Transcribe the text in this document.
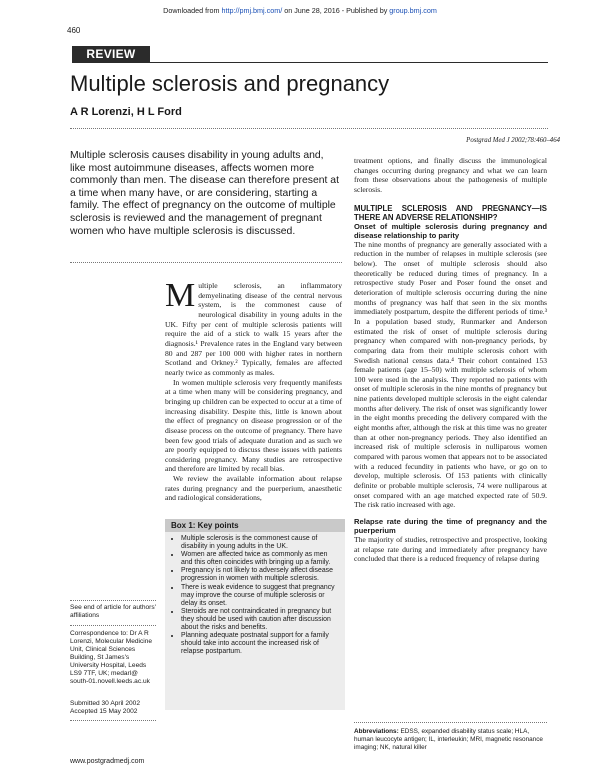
Downloaded from http://pmj.bmj.com/ on June 28, 2016 - Published by group.bmj.com
460
REVIEW
Multiple sclerosis and pregnancy
A R Lorenzi, H L Ford
Postgrad Med J 2002;78:460–464
Multiple sclerosis causes disability in young adults and, like most autoimmune diseases, affects women more commonly than men. The disease can therefore present at a time when many have, or are considering, starting a family. The effect of pregnancy on the outcome of multiple sclerosis is reviewed and the management of pregnant women who have multiple sclerosis is discussed.

Multiple sclerosis, an inflammatory demyelinating disease of the central nervous system, is the commonest cause of neurological disability in young adults in the UK. Fifty per cent of multiple sclerosis patients will require the aid of a stick to walk 15 years after the diagnosis.¹ Prevalence rates in the England vary between 80 and 287 per 100 000 with higher rates in northern Scotland and Orkney.² Typically, females are affected nearly twice as commonly as males.

In women multiple sclerosis very frequently manifests at a time when many will be considering pregnancy, and bringing up children can be expected to occur at a time of increasing disability. Despite this, little is known about the effect of pregnancy on disease progression or of the disease process on the outcome of pregnancy. There have been few good trials of adequate duration and as such we are poorly equipped to discuss these issues with patients considering pregnancy. Many studies are retrospective and therefore are limited by recall bias.

We review the available information about relapse rates during pregnancy and the puerperium, anaesthetic and radiological considerations,

Box 1: Key points
• Multiple sclerosis is the commonest cause of disability in young adults in the UK.
• Women are affected twice as commonly as men and this often coincides with bringing up a family.
• Pregnancy is not likely to adversely affect disease progression in women with multiple sclerosis.
• There is weak evidence to suggest that pregnancy may improve the course of multiple sclerosis or delay its onset.
• Steroids are not contraindicated in pregnancy but they should be used with caution after discussion about the risks and benefits.
• Planning adequate postnatal support for a family should take into account the increased risk of relapse postpartum.
See end of article for authors' affiliations
Correspondence to: Dr A R Lorenzi, Molecular Medicine Unit, Clinical Sciences Building, St James's University Hospital, Leeds LS9 7TF, UK; medarl@ south-01.novell.leeds.ac.uk
Submitted 30 April 2002
Accepted 15 May 2002

treatment options, and finally discuss the immunological changes occurring during pregnancy and what we can learn from these observations about the pathogenesis of multiple sclerosis.

MULTIPLE SCLEROSIS AND PREGNANCY—IS THERE AN ADVERSE RELATIONSHIP?
Onset of multiple sclerosis during pregnancy and disease relationship to parity

The nine months of pregnancy are generally associated with a reduction in the number of relapses in multiple sclerosis (see below). The onset of multiple sclerosis should also theoretically be reduced during times of pregnancy. In a retrospective study Poser and Poser found the onset and deterioration of multiple sclerosis occurring during the nine months of pregnancy was half that seen in the six months immediately postpartum, despite the different periods of time.³ In a population based study, Runmarker and Anderson estimated the risk of onset of multiple sclerosis during pregnancy when compared with non-pregnancy periods, by comparing data from their multiple sclerosis cohort with Swedish national census data.⁴ Their cohort contained 153 female patients (age 15–50) with multiple sclerosis of whom 100 were used in the analysis. They reported no patients with onset of multiple sclerosis in the nine months of pregnancy but nine patients developed multiple sclerosis in the eight calendar months after delivery. The risk of onset was significantly lower in the eight months preceding the delivery compared with the eight months after, although the risk at this time was no greater than at other non-pregnancy periods. They also identified an increased risk of multiple sclerosis in nulliparous women compared with parous women that appears not to be associated with a reduced fecundity in patients who have, or go on to develop, multiple sclerosis. Of 153 patients with clinically definite or probable multiple sclerosis, 74 were nulliparous at onset compared with an age matched expected rate of 50.9. The risk ratio increased with age.

Relapse rate during the time of pregnancy and the puerperium

The majority of studies, retrospective and prospective, looking at relapse rate during and immediately after pregnancy have concluded that there is a reduced frequency of relapse during

Abbreviations: EDSS, expanded disability status scale; HLA, human leucocyte antigen; IL, interleukin; MRI, magnetic resonance imaging; NK, natural killer
www.postgradmedj.com
